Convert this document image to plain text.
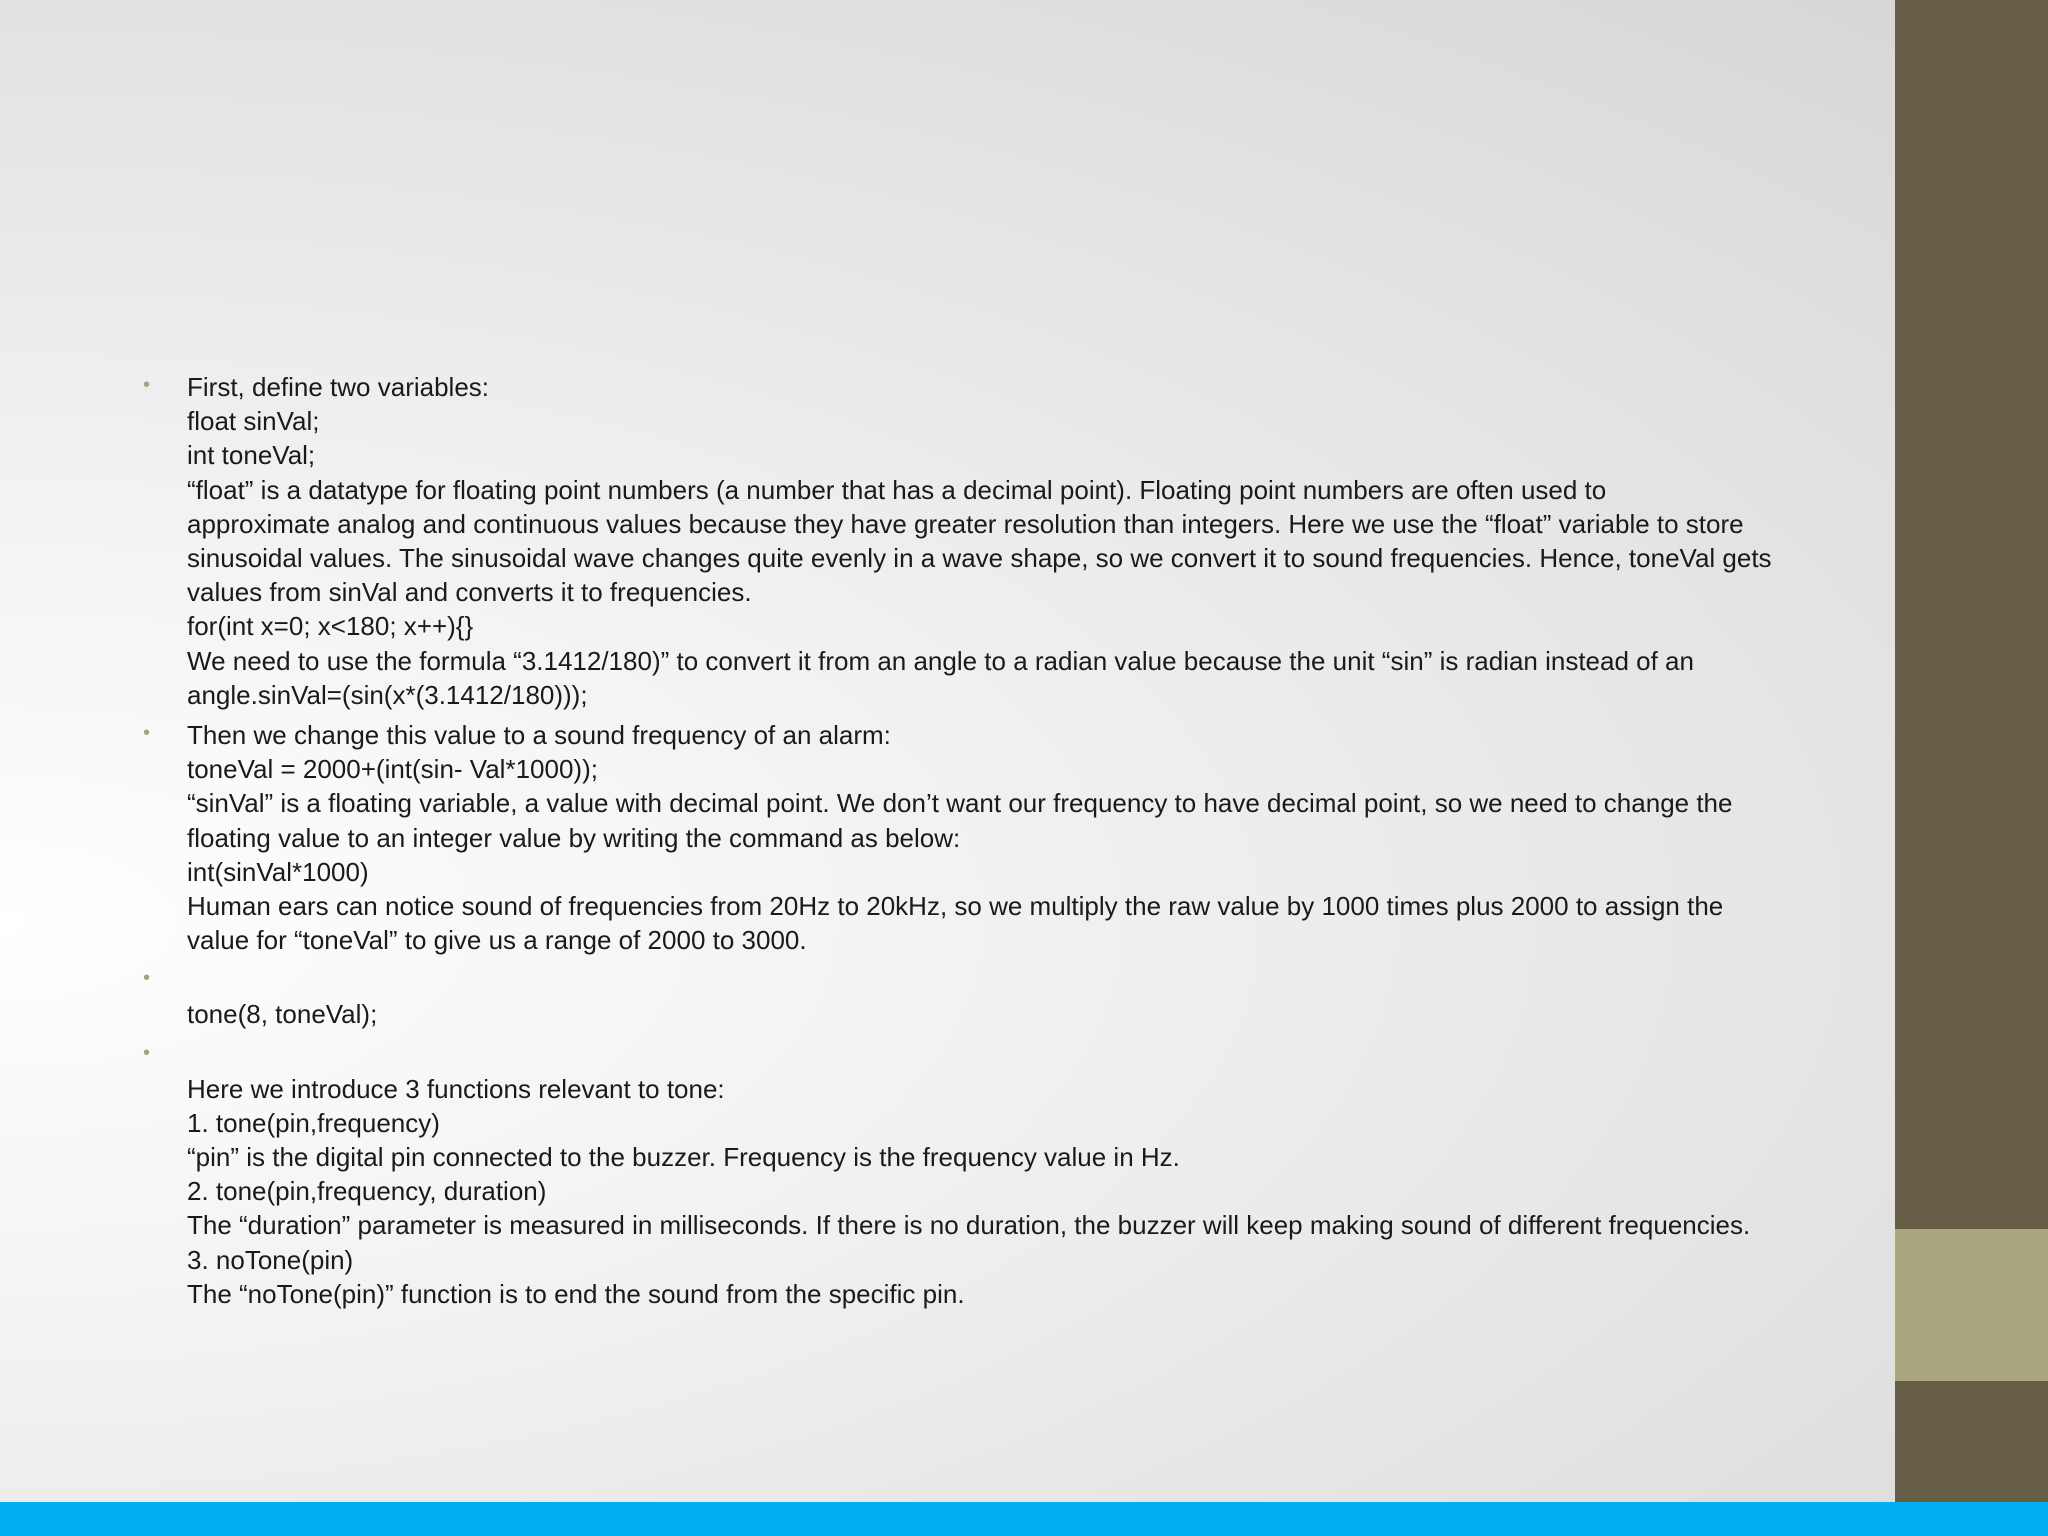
• First, define two variables:
float sinVal;
int toneVal;
“float” is a datatype for floating point numbers (a number that has a decimal point). Floating point numbers are often used to
approximate analog and continuous values because they have greater resolution than integers. Here we use the “float” variable to store
sinusoidal values. The sinusoidal wave changes quite evenly in a wave shape, so we convert it to sound frequencies. Hence, toneVal gets
values from sinVal and converts it to frequencies.
for(int x=0; x<180; x++){}
We need to use the formula “3.1412/180)” to convert it from an angle to a radian value because the unit “sin” is radian instead of an
angle.sinVal=(sin(x*(3.1412/180)));
• Then we change this value to a sound frequency of an alarm:
toneVal = 2000+(int(sin- Val*1000));
“sinVal” is a floating variable, a value with decimal point. We don’t want our frequency to have decimal point, so we need to change the
floating value to an integer value by writing the command as below:
int(sinVal*1000)
Human ears can notice sound of frequencies from 20Hz to 20kHz, so we multiply the raw value by 1000 times plus 2000 to assign the
value for “toneVal” to give us a range of 2000 to 3000.
•
tone(8, toneVal);
•
Here we introduce 3 functions relevant to tone:
1. tone(pin,frequency)
“pin” is the digital pin connected to the buzzer. Frequency is the frequency value in Hz.
2. tone(pin,frequency, duration)
The “duration” parameter is measured in milliseconds. If there is no duration, the buzzer will keep making sound of different frequencies.
3. noTone(pin)
The “noTone(pin)” function is to end the sound from the specific pin.
